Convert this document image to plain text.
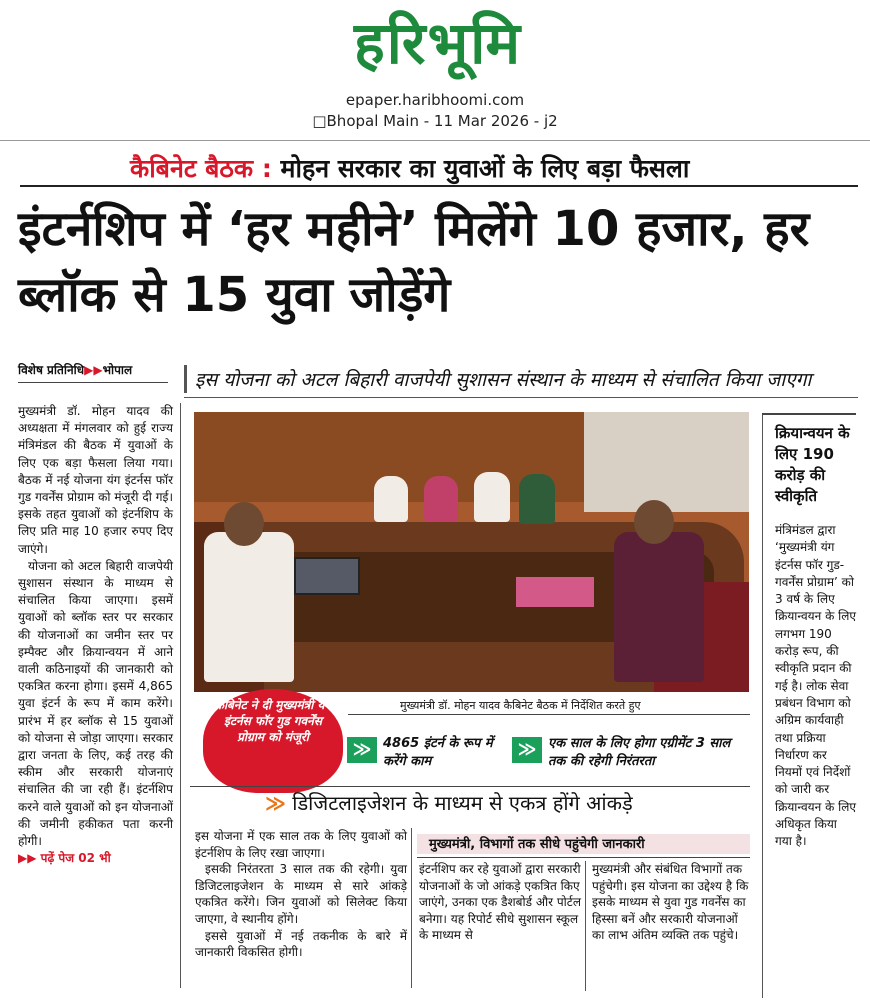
हरिभूमि
epaper.haribhoomi.com
□Bhopal Main - 11 Mar 2026 - j2
कैबिनेट बैठक : मोहन सरकार का युवाओं के लिए बड़ा फैसला
इंटर्नशिप में ‘हर महीने’ मिलेंगे 10 हजार, हर ब्लॉक से 15 युवा जोड़ेंगे
विशेष प्रतिनिधि▶▶भोपाल	इस योजना को अटल बिहारी वाजपेयी सुशासन संस्थान के माध्यम से संचालित किया जाएगा

मुख्यमंत्री डॉ. मोहन यादव की अध्यक्षता में मंगलवार को हुई राज्य मंत्रिमंडल की बैठक में युवाओं के लिए एक बड़ा फैसला लिया गया। बैठक में नई योजना यंग इंटर्नस फॉर गुड गवर्नेंस प्रोग्राम को मंजूरी दी गई। इसके तहत युवाओं को इंटर्नशिप के लिए प्रति माह 10 हजार रुपए दिए जाएंगे।

योजना को अटल बिहारी वाजपेयी सुशासन संस्थान के माध्यम से संचालित किया जाएगा। इसमें युवाओं को ब्लॉक स्तर पर सरकार की योजनाओं का जमीन स्तर पर इम्पैक्ट और क्रियान्वयन में आने वाली कठिनाइयों की जानकारी को एकत्रित करना होगा। इसमें 4,865 युवा इंटर्न के रूप में काम करेंगे। प्रारंभ में हर ब्लॉक से 15 युवाओं को योजना से जोड़ा जाएगा। सरकार द्वारा जनता के लिए, कई तरह की स्कीम और सरकारी योजनाएं संचालित की जा रही हैं। इंटर्नशिप करने वाले युवाओं को इन योजनाओं की जमीनी हकीकत पता करनी होगी।

▶▶ पढ़ें पेज 02 भी
मुख्यमंत्री डॉ. मोहन यादव कैबिनेट बैठक में निर्देशित करते हुए
क्रियान्वयन के लिए 190 करोड़ की स्वीकृति
मंत्रिमंडल द्वारा ‘मुख्यमंत्री यंग इंटर्नस फॉर गुड-गवर्नेंस प्रोग्राम’ को 3 वर्ष के लिए क्रियान्वयन के लिए लगभग 190 करोड़ रूप, की स्वीकृति प्रदान की गई है। लोक सेवा प्रबंधन विभाग को अग्रिम कार्यवाही तथा प्रक्रिया निर्धारण कर नियमों एवं निर्देशों को जारी कर क्रियान्वयन के लिए अधिकृत किया गया है।
कैबिनेट ने दी मुख्यमंत्री यंग इंटर्नस फॉर गुड गवर्नेंस प्रोग्राम को मंजूरी
≫ 4865 इंटर्न के रूप में करेंगे काम
≫ एक साल के लिए होगा एग्रीमेंट 3 साल तक की रहेगी निरंतरता
≫ डिजिटलाइजेशन के माध्यम से एकत्र होंगे आंकड़े

इस योजना में एक साल तक के लिए युवाओं को इंटर्नशिप के लिए रखा जाएगा।

इसकी निरंतरता 3 साल तक की रहेगी। युवा डिजिटलाइजेशन के माध्यम से सारे आंकड़े एकत्रित करेंगे। जिन युवाओं को सिलेक्ट किया जाएगा, वे स्थानीय होंगे।

इससे युवाओं में नई तकनीक के बारे में जानकारी विकसित होगी।

मुख्यमंत्री, विभागों तक सीधे पहुंचेगी जानकारी
इंटर्नशिप कर रहे युवाओं द्वारा सरकारी योजनाओं के जो आंकड़े एकत्रित किए जाएंगे, उनका एक डैशबोर्ड और पोर्टल बनेगा। यह रिपोर्ट सीधे सुशासन स्कूल के माध्यम से
मुख्यमंत्री और संबंधित विभागों तक पहुंचेगी। इस योजना का उद्देश्य है कि इसके माध्यम से युवा गुड गवर्नेंस का हिस्सा बनें और सरकारी योजनाओं का लाभ अंतिम व्यक्ति तक पहुंचे।
